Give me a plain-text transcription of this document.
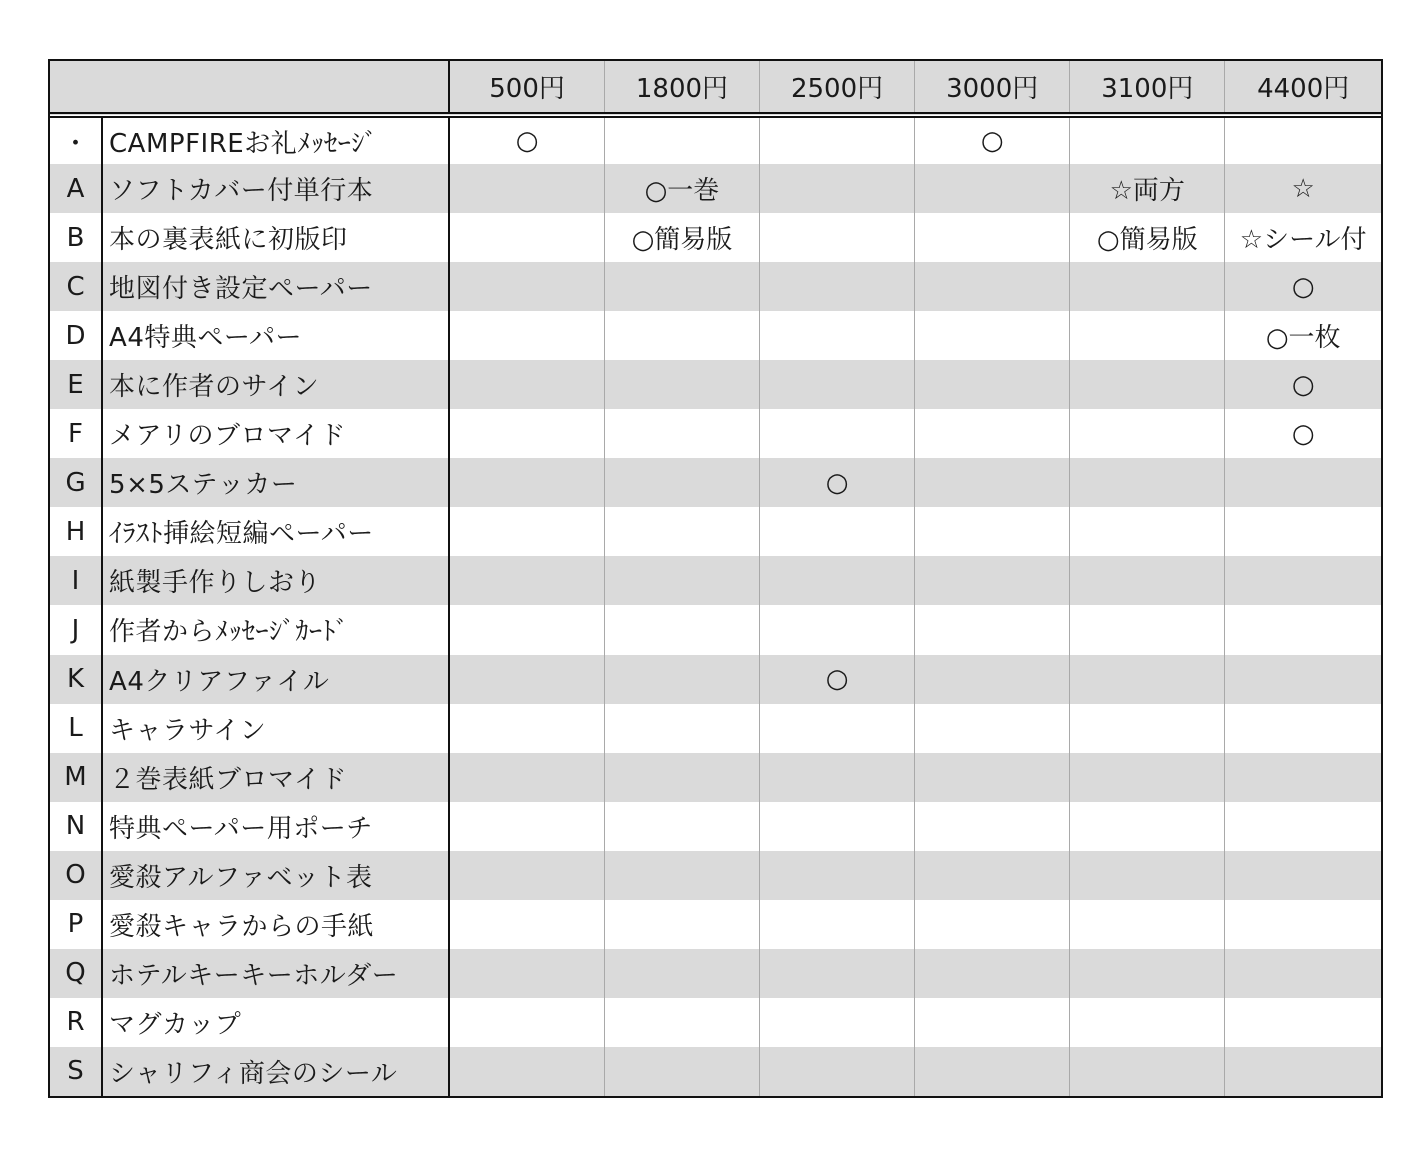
		500円	1800円	2500円	3000円	3100円	4400円
・	CAMPFIREお礼ﾒｯｾｰｼﾞ	○			○		
A	ソフトカバー付単行本		○一巻			☆両方	☆
B	本の裏表紙に初版印		○簡易版			○簡易版	☆シール付
C	地図付き設定ペーパー						○
D	A4特典ペーパー						○一枚
E	本に作者のサイン						○
F	メアリのブロマイド						○
G	5×5ステッカー			○			
H	ｲﾗｽﾄ挿絵短編ペーパー						
I	紙製手作りしおり						
J	作者からﾒｯｾｰｼﾞｶｰﾄﾞ						
K	A4クリアファイル			○			
L	キャラサイン						
M	２巻表紙ブロマイド						
N	特典ペーパー用ポーチ						
O	愛殺アルファベット表						
P	愛殺キャラからの手紙						
Q	ホテルキーキーホルダー						
R	マグカップ						
S	シャリフィ商会のシール						
